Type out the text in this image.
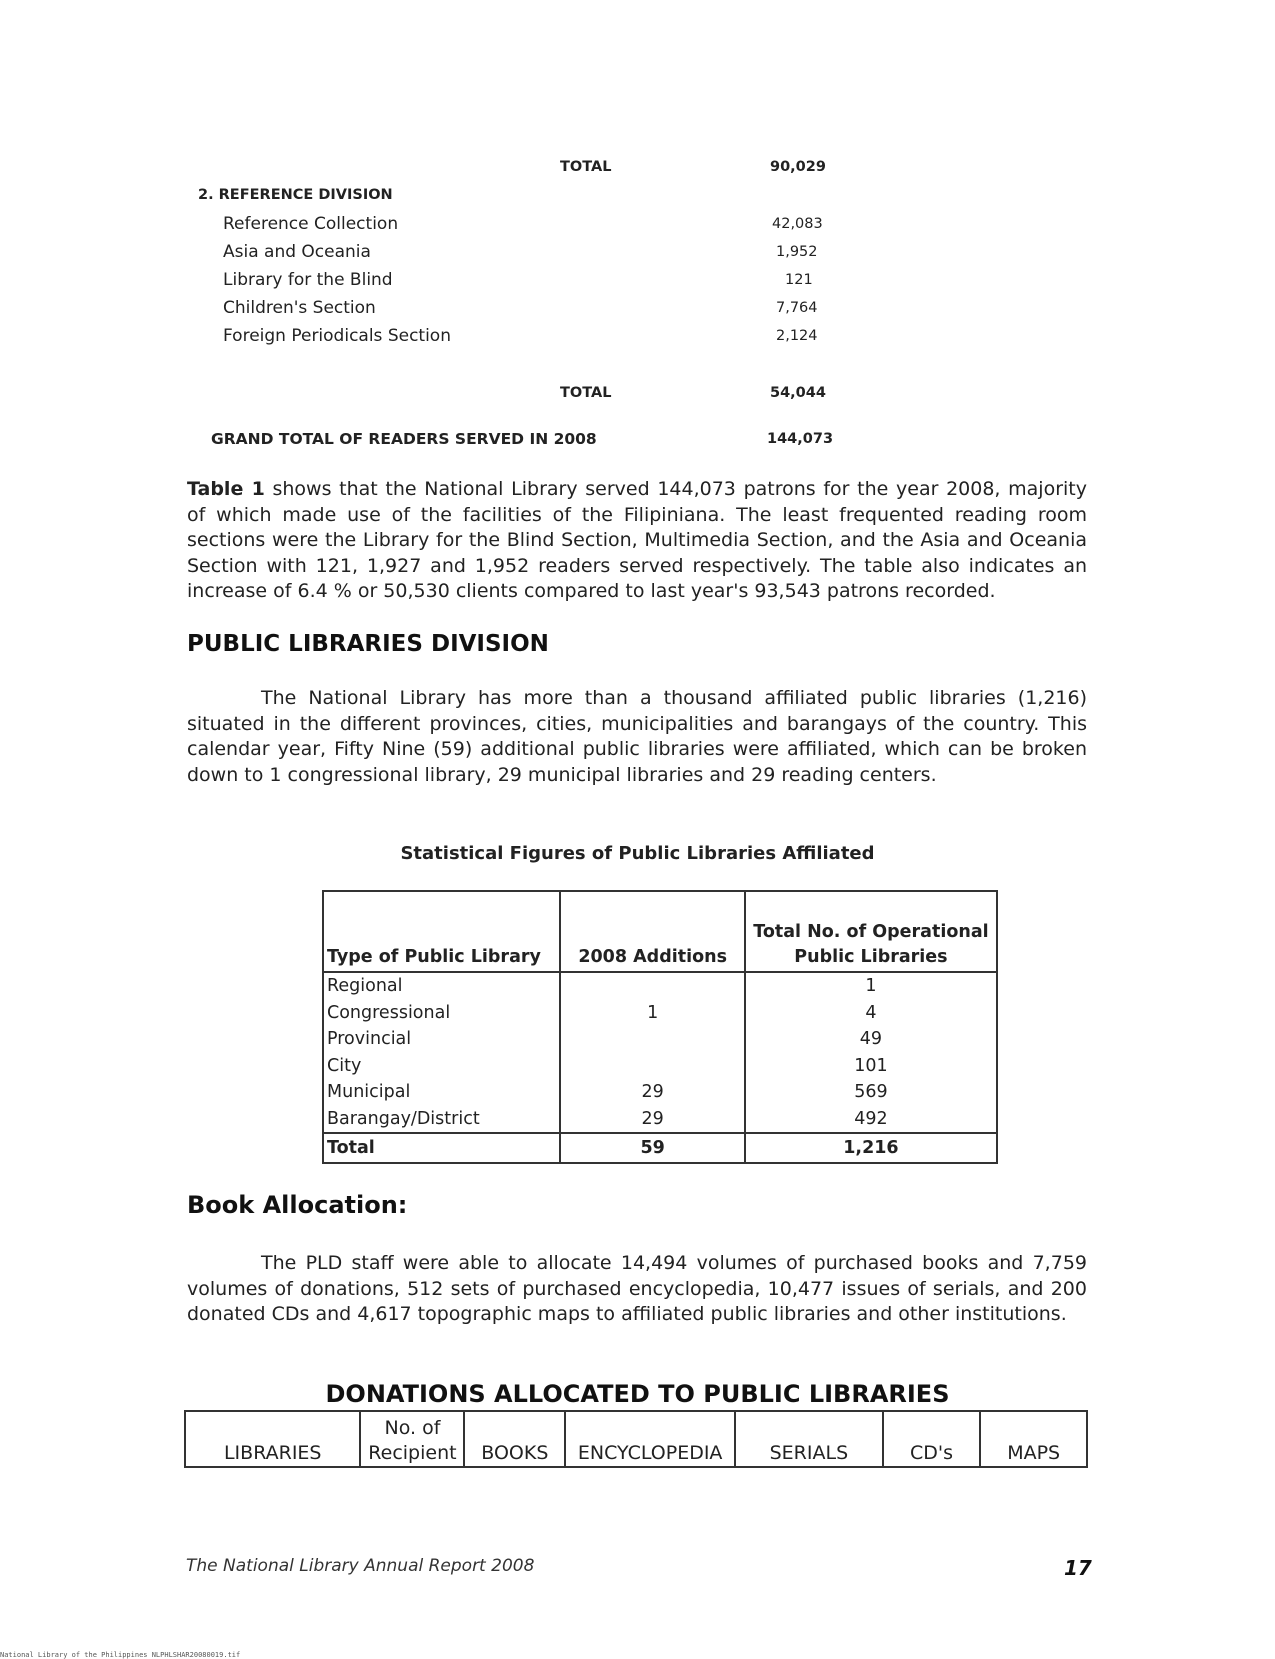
TOTAL	90,029
2. REFERENCE DIVISION
Reference Collection	42,083
Asia and Oceania	1,952
Library for the Blind	121
Children's Section	7,764
Foreign Periodicals Section	2,124
TOTAL	54,044
GRAND TOTAL OF READERS SERVED IN 2008	144,073
Table 1 shows that the National Library served 144,073 patrons for the year 2008, majority of which made use of the facilities of the Filipiniana. The least frequented reading room sections were the Library for the Blind Section, Multimedia Section, and the Asia and Oceania Section with 121, 1,927 and 1,952 readers served respectively. The table also indicates an increase of 6.4 % or 50,530 clients compared to last year's 93,543 patrons recorded.
PUBLIC LIBRARIES DIVISION
The National Library has more than a thousand affiliated public libraries (1,216) situated in the different provinces, cities, municipalities and barangays of the country. This calendar year, Fifty Nine (59) additional public libraries were affiliated, which can be broken down to 1 congressional library, 29 municipal libraries and 29 reading centers.
Statistical Figures of Public Libraries Affiliated
Type of Public Library	2008 Additions	Total No. of Operational Public Libraries
Regional		1
Congressional	1	4
Provincial		49
City		101
Municipal	29	569
Barangay/District	29	492
Total	59	1,216
Book Allocation:
The PLD staff were able to allocate 14,494 volumes of purchased books and 7,759 volumes of donations, 512 sets of purchased encyclopedia, 10,477 issues of serials, and 200 donated CDs and 4,617 topographic maps to affiliated public libraries and other institutions.
DONATIONS ALLOCATED TO PUBLIC LIBRARIES
LIBRARIES	No. of Recipient	BOOKS	ENCYCLOPEDIA	SERIALS	CD's	MAPS
The National Library Annual Report 2008	17
National Library of the Philippines NLPHLSHAR20080019.tif
